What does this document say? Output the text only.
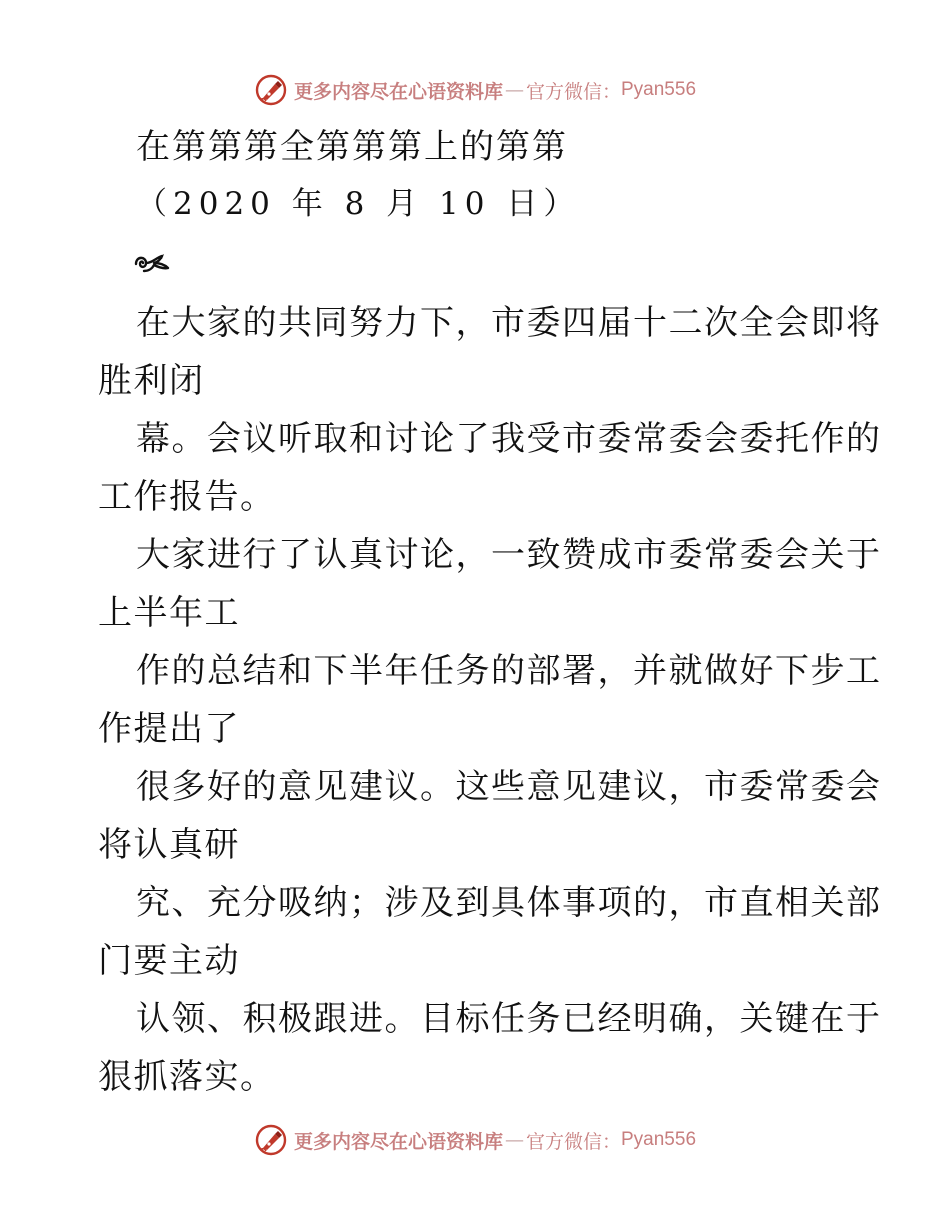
更多内容尽在心语资料库 — 官方微信： Pyan556
在第第第全第第第上的第第
（2020 年 8 月 10 日）
在大家的共同努力下，市委四届十二次全会即将
胜利闭
幕。会议听取和讨论了我受市委常委会委托作的
工作报告。
大家进行了认真讨论，一致赞成市委常委会关于
上半年工
作的总结和下半年任务的部署，并就做好下步工
作提出了
很多好的意见建议。这些意见建议，市委常委会
将认真研
究、充分吸纳；涉及到具体事项的，市直相关部
门要主动
认领、积极跟进。目标任务已经明确，关键在于
狠抓落实。
更多内容尽在心语资料库 — 官方微信： Pyan556
